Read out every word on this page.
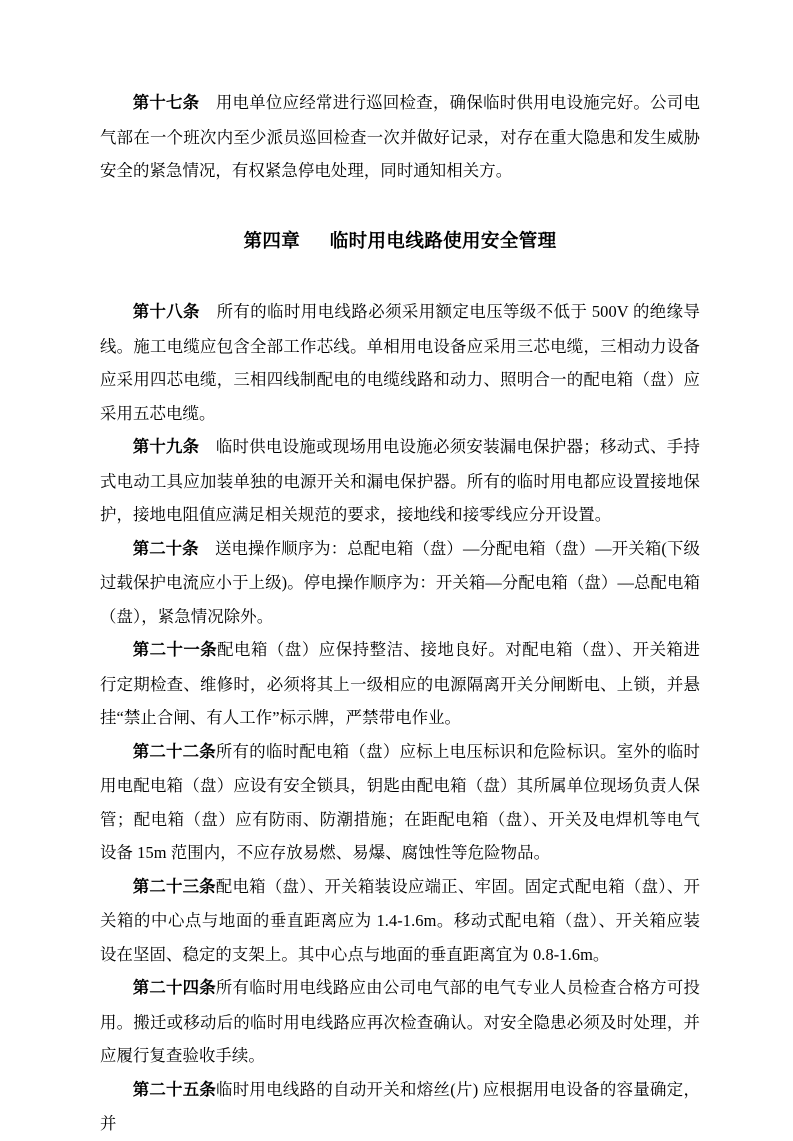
第十七条 用电单位应经常进行巡回检查，确保临时供用电设施完好。公司电气部在一个班次内至少派员巡回检查一次并做好记录，对存在重大隐患和发生威胁安全的紧急情况，有权紧急停电处理，同时通知相关方。

第四章 临时用电线路使用安全管理

第十八条 所有的临时用电线路必须采用额定电压等级不低于 500V 的绝缘导线。施工电缆应包含全部工作芯线。单相用电设备应采用三芯电缆，三相动力设备应采用四芯电缆，三相四线制配电的电缆线路和动力、照明合一的配电箱（盘）应采用五芯电缆。

第十九条 临时供电设施或现场用电设施必须安装漏电保护器；移动式、手持式电动工具应加装单独的电源开关和漏电保护器。所有的临时用电都应设置接地保护，接地电阻值应满足相关规范的要求，接地线和接零线应分开设置。

第二十条 送电操作顺序为：总配电箱（盘）—分配电箱（盘）—开关箱(下级过载保护电流应小于上级)。停电操作顺序为：开关箱—分配电箱（盘）—总配电箱（盘），紧急情况除外。

第二十一条配电箱（盘）应保持整洁、接地良好。对配电箱（盘）、开关箱进行定期检查、维修时，必须将其上一级相应的电源隔离开关分闸断电、上锁，并悬挂“禁止合闸、有人工作”标示牌，严禁带电作业。

第二十二条所有的临时配电箱（盘）应标上电压标识和危险标识。室外的临时用电配电箱（盘）应设有安全锁具，钥匙由配电箱（盘）其所属单位现场负责人保管；配电箱（盘）应有防雨、防潮措施；在距配电箱（盘）、开关及电焊机等电气设备 15m 范围内，不应存放易燃、易爆、腐蚀性等危险物品。

第二十三条配电箱（盘）、开关箱装设应端正、牢固。固定式配电箱（盘）、开关箱的中心点与地面的垂直距离应为 1.4-1.6m。移动式配电箱（盘）、开关箱应装设在坚固、稳定的支架上。其中心点与地面的垂直距离宜为 0.8-1.6m。

第二十四条所有临时用电线路应由公司电气部的电气专业人员检查合格方可投用。搬迁或移动后的临时用电线路应再次检查确认。对安全隐患必须及时处理，并应履行复查验收手续。

第二十五条临时用电线路的自动开关和熔丝(片) 应根据用电设备的容量确定，并
